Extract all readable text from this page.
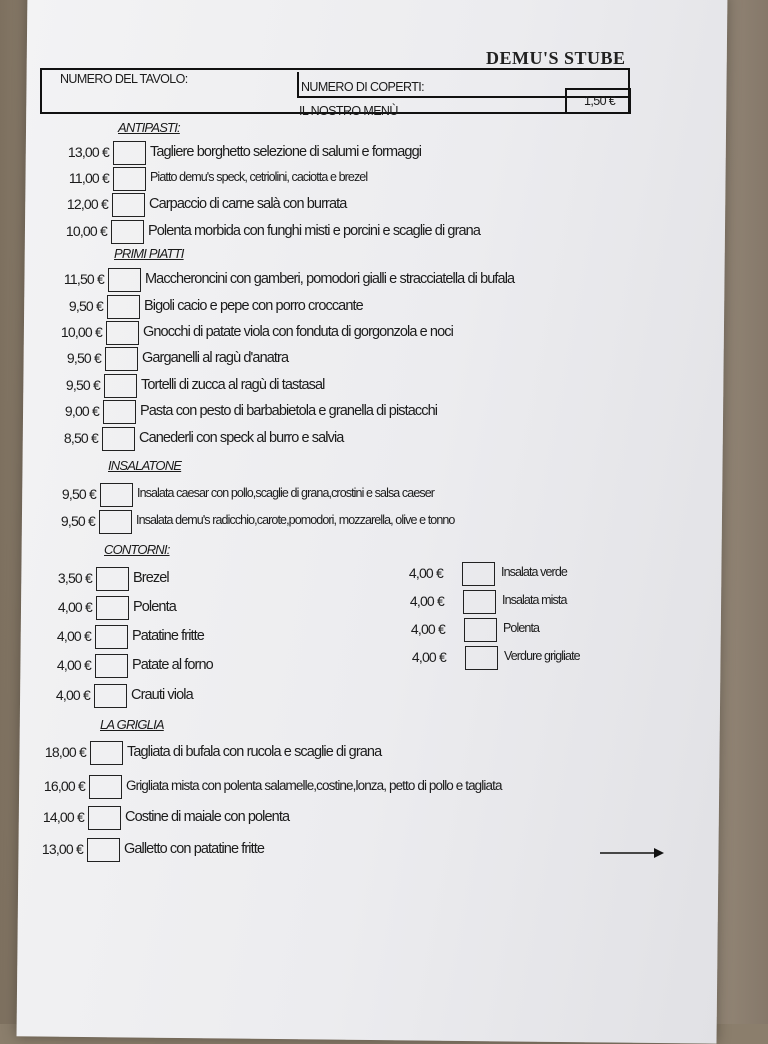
DEMU'S STUBE
NUMERO DEL TAVOLO:
NUMERO DI COPERTI:
1,50 €
IL NOSTRO MENÙ
ANTIPASTI:
13,00 €	Tagliere borghetto selezione di salumi e formaggi
11,00 €	Piatto demu's speck, cetriolini, caciotta e brezel
12,00 €	Carpaccio di carne salà con burrata
10,00 €	Polenta morbida con funghi misti e porcini e scaglie di grana
PRIMI PIATTI
11,50 €	Maccheroncini con gamberi, pomodori gialli e stracciatella di bufala
9,50 €	Bigoli cacio e pepe con porro croccante
10,00 €	Gnocchi di patate viola con fonduta di gorgonzola e noci
9,50 €	Garganelli al ragù d'anatra
9,50 €	Tortelli di zucca al ragù di tastasal
9,00 €	Pasta con pesto di barbabietola e granella di pistacchi
8,50 €	Canederli con speck al burro e salvia
INSALATONE
9,50 €	Insalata caesar con pollo,scaglie di grana,crostini e salsa caeser
9,50 €	Insalata demu's radicchio,carote,pomodori, mozzarella, olive e tonno
CONTORNI:
3,50 €	Brezel
4,00 €	Polenta
4,00 €	Patatine fritte
4,00 €	Patate al forno
4,00 €	Crauti viola
4,00 €	Insalata verde
4,00 €	Insalata mista
4,00 €	Polenta
4,00 €	Verdure grigliate
LA GRIGLIA
18,00 €	Tagliata di bufala con rucola e scaglie di grana
16,00 €	Grigliata mista con polenta salamelle,costine,lonza, petto di pollo e tagliata
14,00 €	Costine di maiale con polenta
13,00 €	Galletto con patatine fritte
